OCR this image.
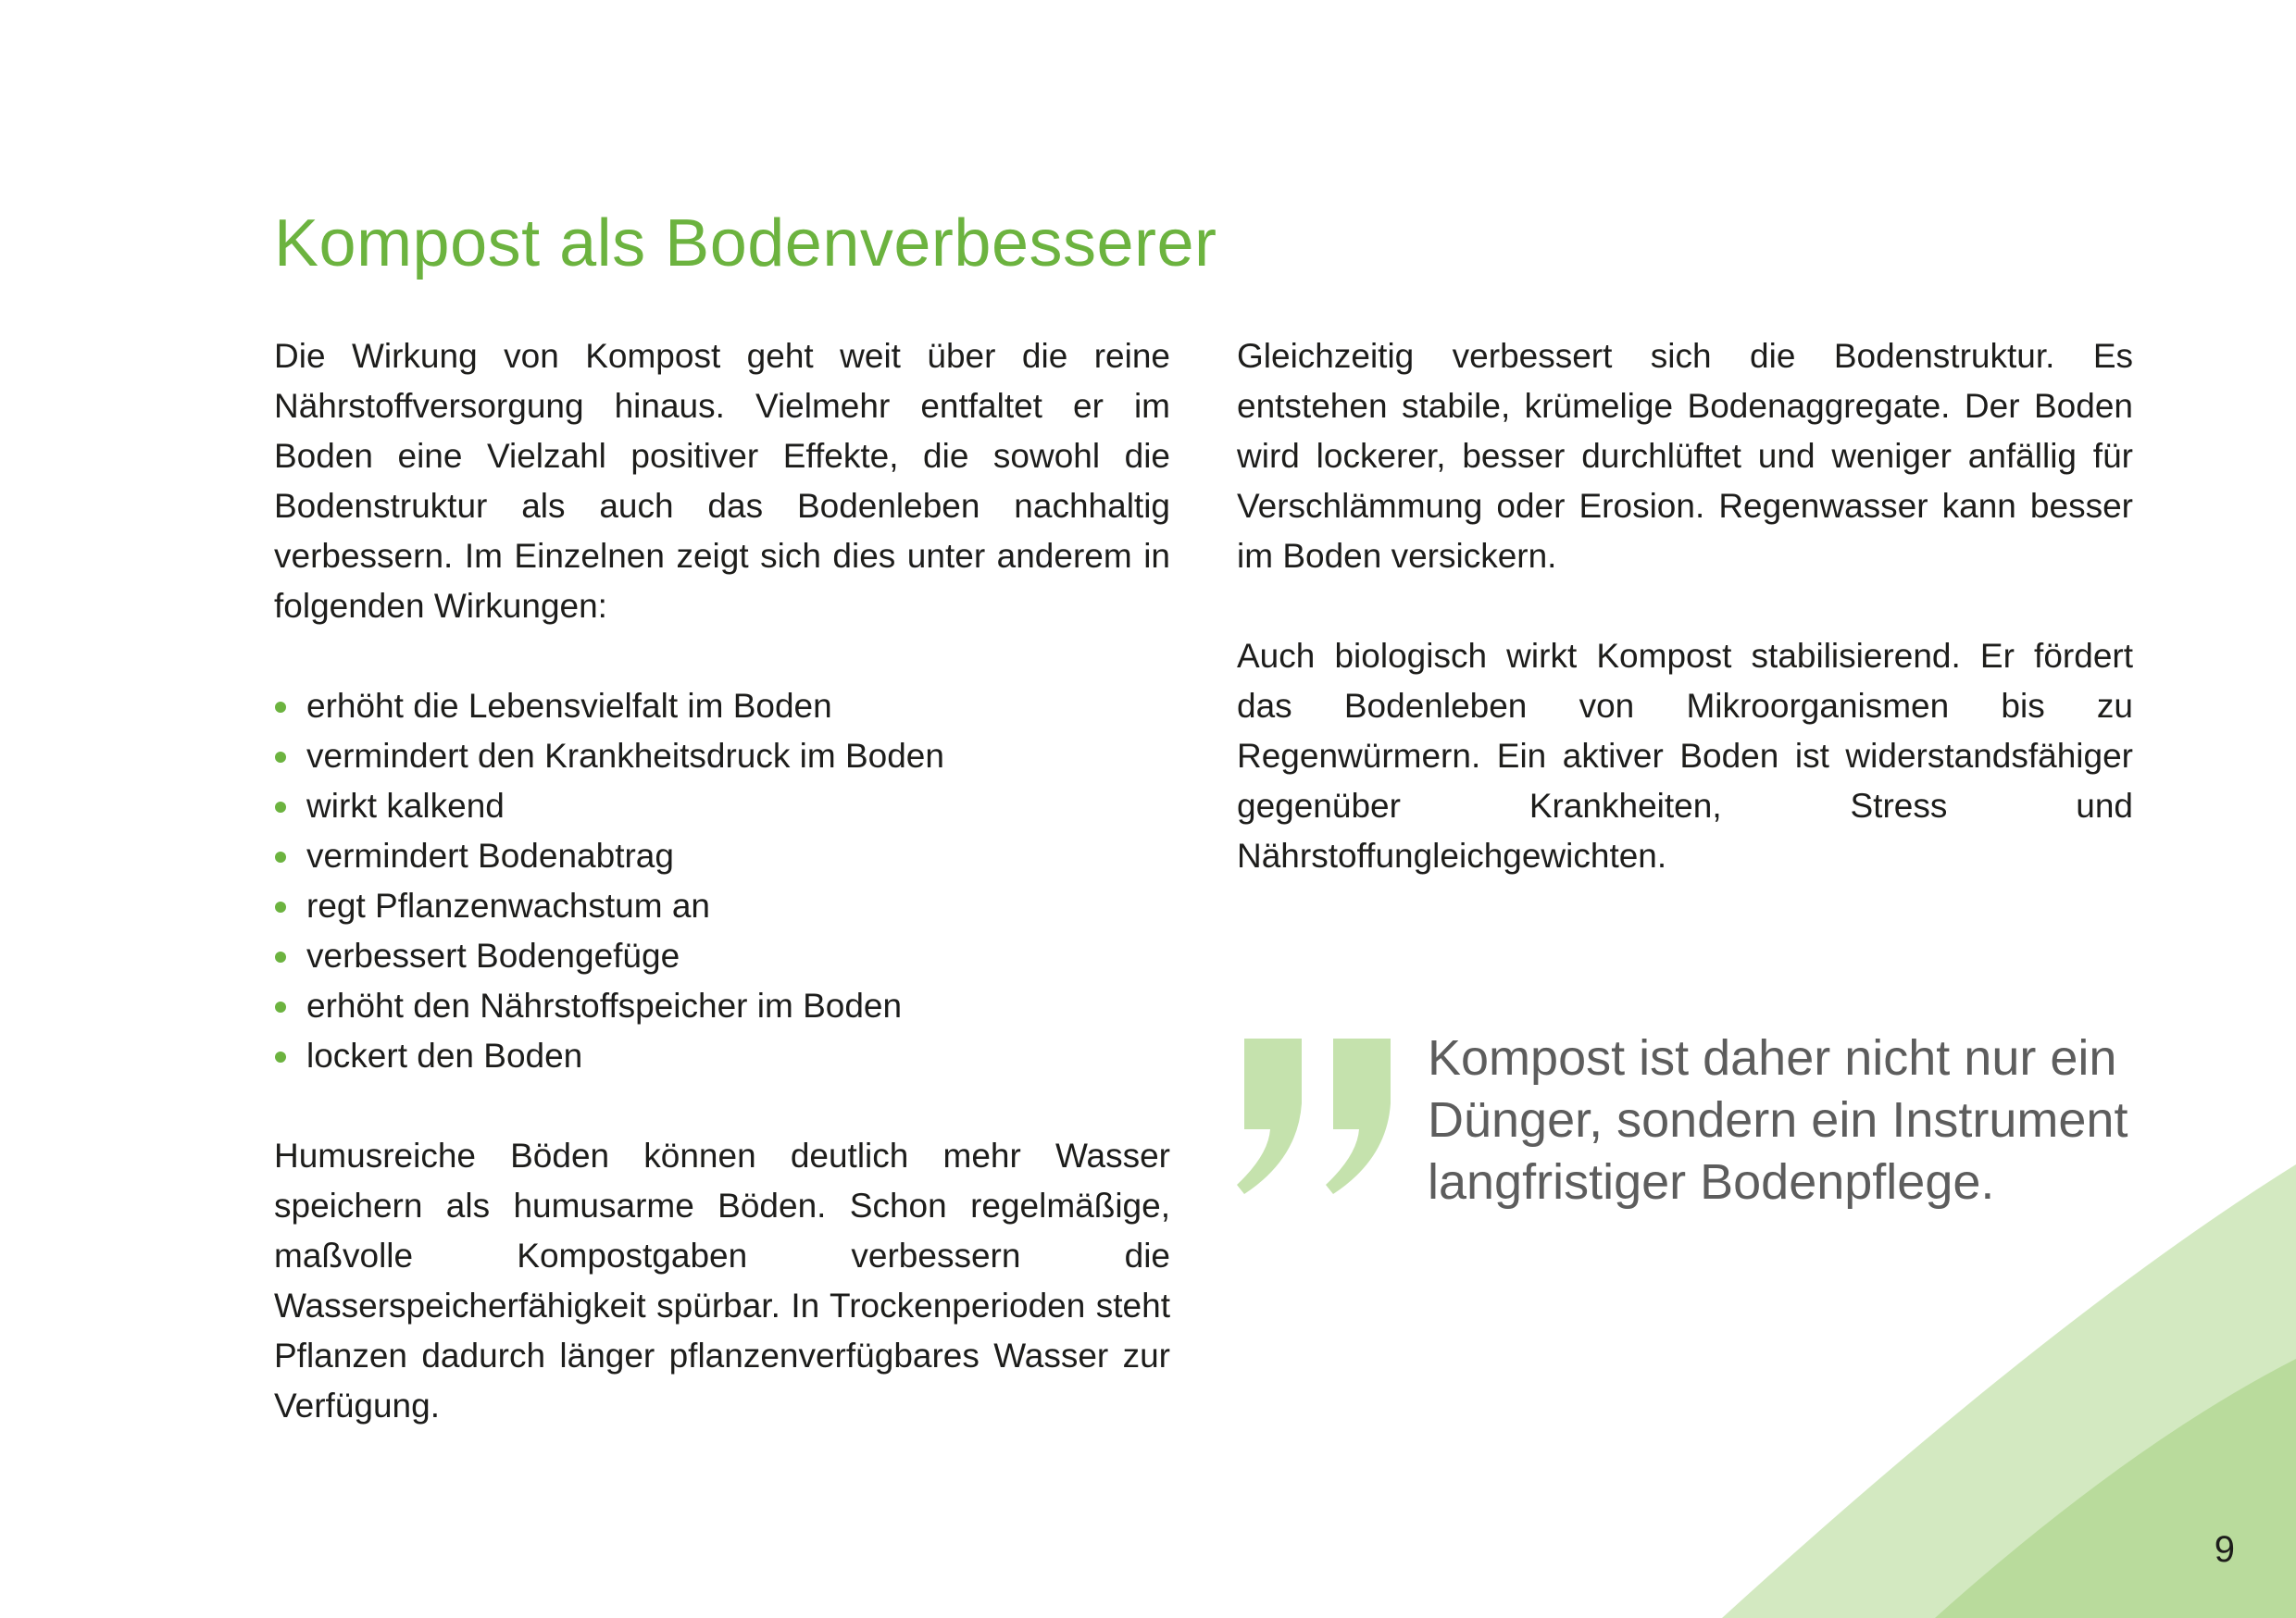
Kompost als Bodenverbesserer

Die Wirkung von Kompost geht weit über die reine Nährstoffversorgung hinaus. Vielmehr entfaltet er im Boden eine Vielzahl positiver Effekte, die sowohl die Bodenstruktur als auch das Bodenleben nachhaltig verbessern. Im Einzelnen zeigt sich dies unter anderem in folgenden Wirkungen:

erhöht die Lebensvielfalt im Boden
vermindert den Krankheitsdruck im Boden
wirkt kalkend
vermindert Bodenabtrag
regt Pflanzenwachstum an
verbessert Bodengefüge
erhöht den Nährstoffspeicher im Boden
lockert den Boden

Humusreiche Böden können deutlich mehr Wasser speichern als humusarme Böden. Schon regelmäßige, maßvolle Kompostgaben verbessern die Wasserspeicherfähigkeit spürbar. In Trockenperioden steht Pflanzen dadurch länger pflanzenverfügbares Wasser zur Verfügung.

Gleichzeitig verbessert sich die Bodenstruktur. Es entstehen stabile, krümelige Bodenaggregate. Der Boden wird lockerer, besser durchlüftet und weniger anfällig für Verschlämmung oder Erosion. Regenwasser kann besser im Boden versickern.

Auch biologisch wirkt Kompost stabilisierend. Er fördert das Bodenleben von Mikroorganismen bis zu Regenwürmern. Ein aktiver Boden ist widerstandsfähiger gegenüber Krankheiten, Stress und Nährstoffungleichgewichten.

Kompost ist daher nicht nur ein Dünger, sondern ein Instrument langfristiger Bodenpflege.

9
